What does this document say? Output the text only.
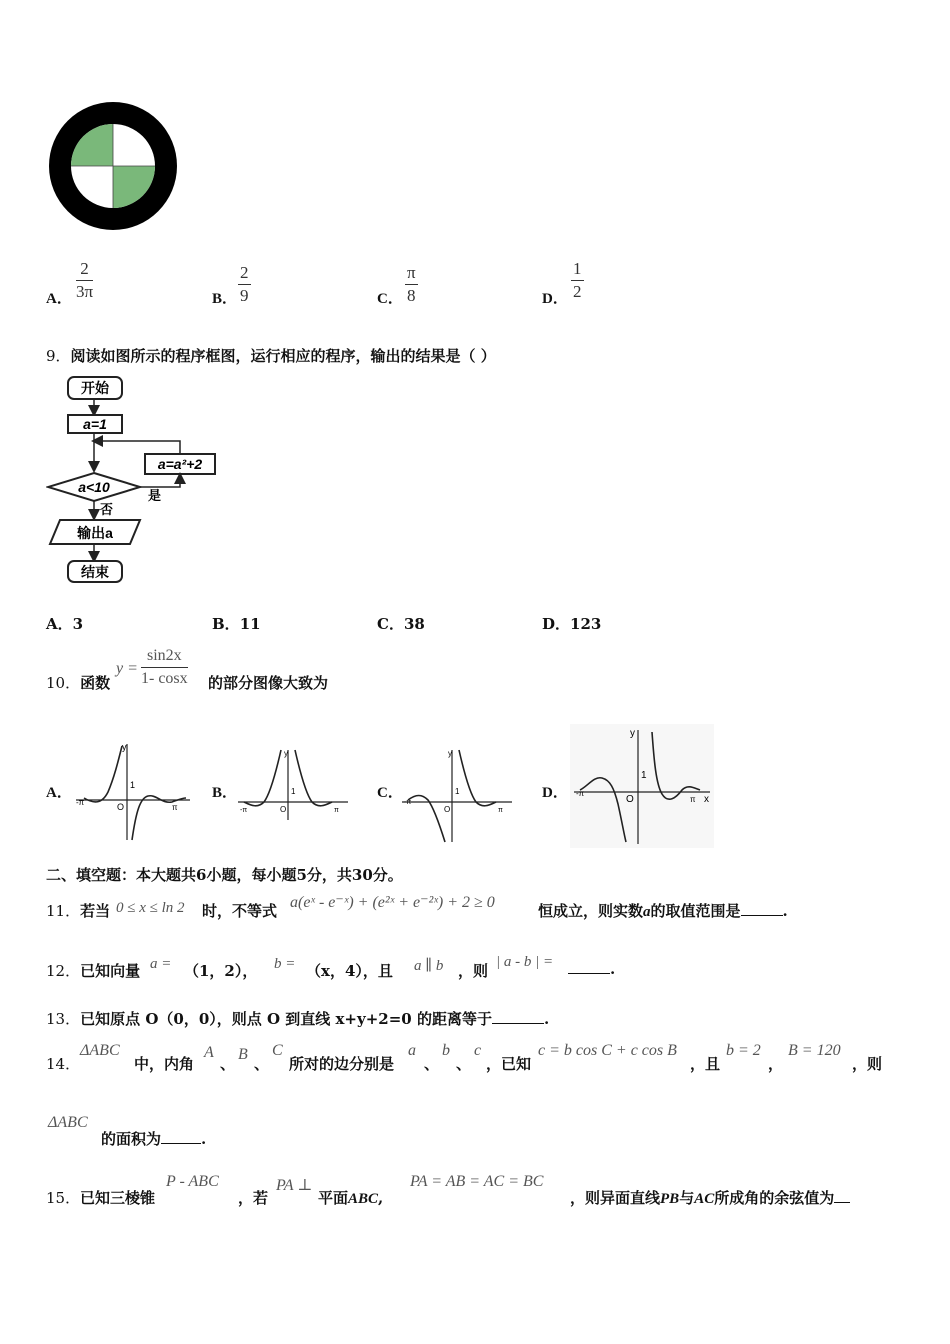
A． $\frac{2}{3\pi}$	B． $\frac{2}{9}$	C． $\frac{\pi}{8}$	D． $\frac{1}{2}$
9．阅读如图所示的程序框图，运行相应的程序，输出的结果是（ ）
开始
a=1
a=a²+2
a<10
是
否
输出a
结束
A．3	B．11	C．38	D．123
10．函数
$y = \frac{\sin 2x}{1- \cos x}$ 的部分图像大致为
A．
y
O
1
-π
π
B．
y
O
1
-π	π
C．
y
O
1
-π
π
D．
y
O
1
-π
x
π
二、填空题：本大题共6小题，每小题5分，共30分。
11．若当 0 ≤ x ≤ ln 2 时，不等式 a(eˣ - e⁻ˣ) + (e²ˣ + e⁻²ˣ) + 2 ≥ 0	恒成立，则实数a的取值范围是	.
12．已知向量 a = （1，2）， b = （x，4），且 a ∥ b ，则 | a - b | =	.
13．已知原点 O（0，0），则点 O 到直线 x+y+2=0 的距离等于	.
14．
ΔABC
中，内角
A
、
B
、
C
所对的边分别是
a
、
b
、
c
，已知
c = b cos C + c cos B
，且
b = 2
，
B = 120
，则
ΔABC
的面积为	.
15． 已知三棱锥
P - ABC
，若
PA ⊥
平面ABC,
PA = AB = AC = BC
，则异面直线PB与AC所成角的余弦值为
